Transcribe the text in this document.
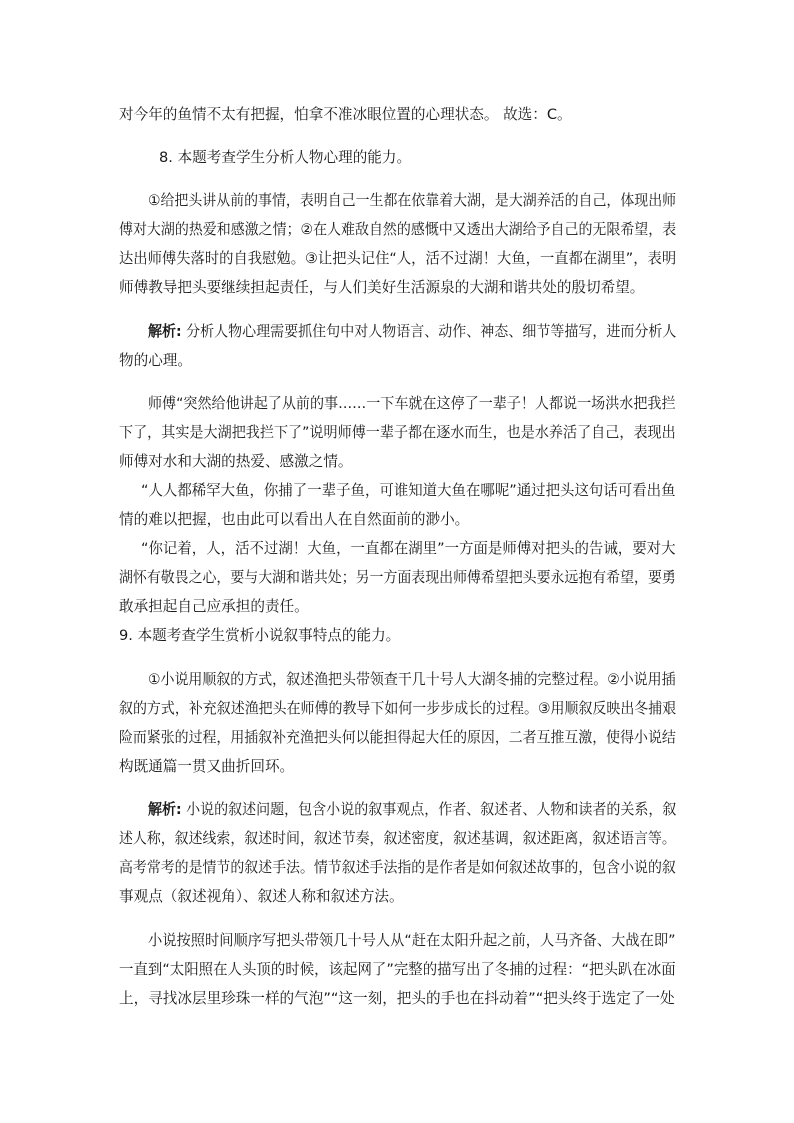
对今年的鱼情不太有把握，怕拿不准冰眼位置的心理状态。 故选：C。
8. 本题考查学生分析人物心理的能力。
①给把头讲从前的事情，表明自己一生都在依靠着大湖，是大湖养活的自己，体现出师
傅对大湖的热爱和感激之情；②在人难敌自然的感慨中又透出大湖给予自己的无限希望，表
达出师傅失落时的自我慰勉。③让把头记住“人，活不过湖！大鱼，一直都在湖里”，表明
师傅教导把头要继续担起责任，与人们美好生活源泉的大湖和谐共处的殷切希望。
解析: 分析人物心理需要抓住句中对人物语言、动作、神态、细节等描写，进而分析人
物的心理。
师傅“突然给他讲起了从前的事……一下车就在这停了一辈子！人都说一场洪水把我拦
下了，其实是大湖把我拦下了”说明师傅一辈子都在逐水而生，也是水养活了自己，表现出
师傅对水和大湖的热爱、感激之情。
“人人都稀罕大鱼，你捕了一辈子鱼，可谁知道大鱼在哪呢”通过把头这句话可看出鱼
情的难以把握，也由此可以看出人在自然面前的渺小。
“你记着，人，活不过湖！大鱼，一直都在湖里”一方面是师傅对把头的告诫，要对大
湖怀有敬畏之心，要与大湖和谐共处；另一方面表现出师傅希望把头要永远抱有希望，要勇
敢承担起自己应承担的责任。
9. 本题考查学生赏析小说叙事特点的能力。
①小说用顺叙的方式，叙述渔把头带领查干几十号人大湖冬捕的完整过程。②小说用插
叙的方式，补充叙述渔把头在师傅的教导下如何一步步成长的过程。③用顺叙反映出冬捕艰
险而紧张的过程，用插叙补充渔把头何以能担得起大任的原因，二者互推互激，使得小说结
构既通篇一贯又曲折回环。
解析: 小说的叙述问题，包含小说的叙事观点，作者、叙述者、人物和读者的关系，叙
述人称，叙述线索，叙述时间，叙述节奏，叙述密度，叙述基调，叙述距离，叙述语言等。
高考常考的是情节的叙述手法。情节叙述手法指的是作者是如何叙述故事的，包含小说的叙
事观点（叙述视角）、叙述人称和叙述方法。
小说按照时间顺序写把头带领几十号人从“赶在太阳升起之前，人马齐备、大战在即”
一直到“太阳照在人头顶的时候，该起网了”完整的描写出了冬捕的过程：“把头趴在冰面
上，寻找冰层里珍珠一样的气泡”“这一刻，把头的手也在抖动着”“把头终于选定了一处
